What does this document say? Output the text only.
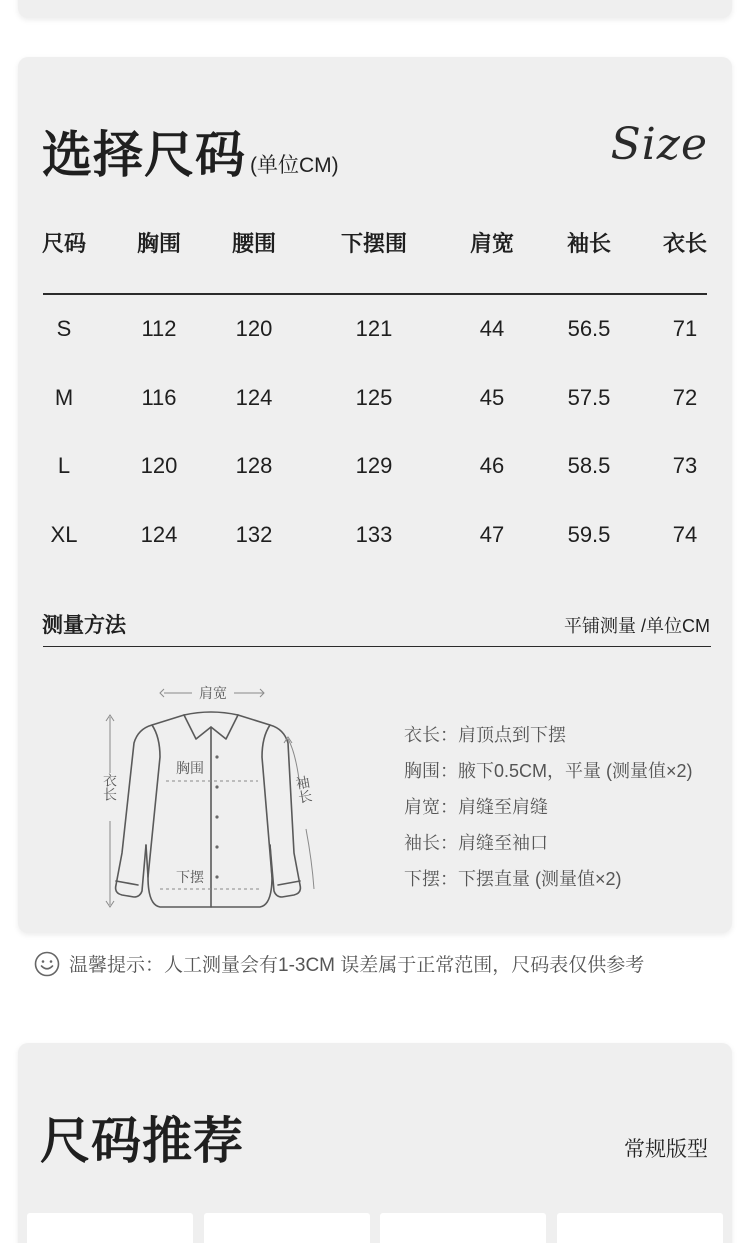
选择尺码 (单位CM)	Size
尺码	胸围	腰围	下摆围	肩宽	袖长	衣长
S	112	120	121	44	56.5	71
M	116	124	125	45	57.5	72
L	120	128	129	46	58.5	73
XL	124	132	133	47	59.5	74
测量方法	平铺测量 /单位CM
肩宽
胸围
下摆
衣长	袖长
衣长：肩顶点到下摆
胸围：腋下0.5CM，平量 (测量值×2)
肩宽：肩缝至肩缝
袖长：肩缝至袖口
下摆：下摆直量 (测量值×2)
温馨提示：人工测量会有1-3CM 误差属于正常范围，尺码表仅供参考
尺码推荐	常规版型
